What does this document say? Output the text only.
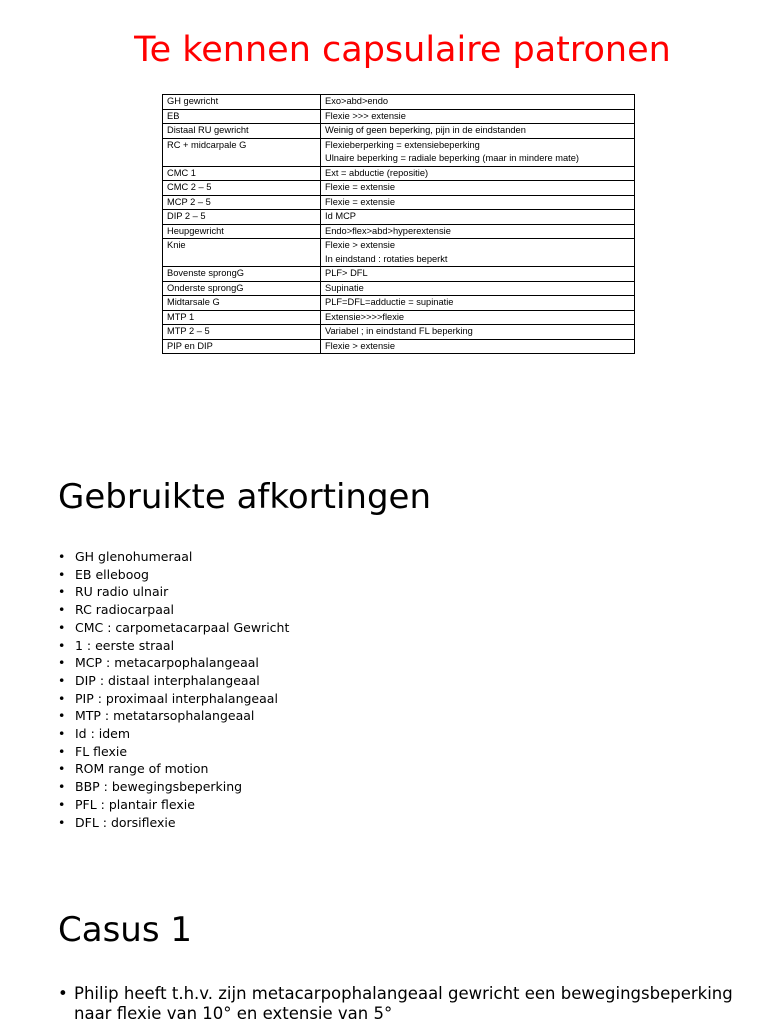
Te kennen capsulaire patronen
GH gewricht	Exo>abd>endo

EB	Flexie >>> extensie

Distaal RU gewricht	Weinig of geen beperking, pijn in de eindstanden

RC + midcarpale G	Flexieberperking = extensiebeperking
Ulnaire beperking = radiale beperking (maar in mindere mate)

CMC 1	Ext = abductie (repositie)

CMC 2 – 5	Flexie = extensie

MCP 2 – 5	Flexie = extensie

DIP 2 – 5	Id MCP

Heupgewricht	Endo>flex>abd>hyperextensie

Knie	Flexie > extensie
In eindstand : rotaties beperkt

Bovenste sprongG	PLF> DFL

Onderste sprongG	Supinatie

Midtarsale G	PLF=DFL=adductie = supinatie

MTP 1	Extensie>>>>flexie

MTP 2 – 5	Variabel ; in eindstand FL beperking

PIP en DIP	Flexie > extensie
Gebruikte afkortingen
• GH glenohumeraal
• EB elleboog
• RU radio ulnair
• RC radiocarpaal
• CMC : carpometacarpaal Gewricht
• 1 : eerste straal
• MCP : metacarpophalangeaal
• DIP : distaal interphalangeaal
• PIP : proximaal interphalangeaal
• MTP : metatarsophalangeaal
• Id : idem
• FL flexie
• ROM range of motion
• BBP : bewegingsbeperking
• PFL : plantair flexie
• DFL : dorsiflexie
Casus 1
• Philip heeft t.h.v. zijn metacarpophalangeaal gewricht een bewegingsbeperking naar flexie van 10° en extensie van 5°
